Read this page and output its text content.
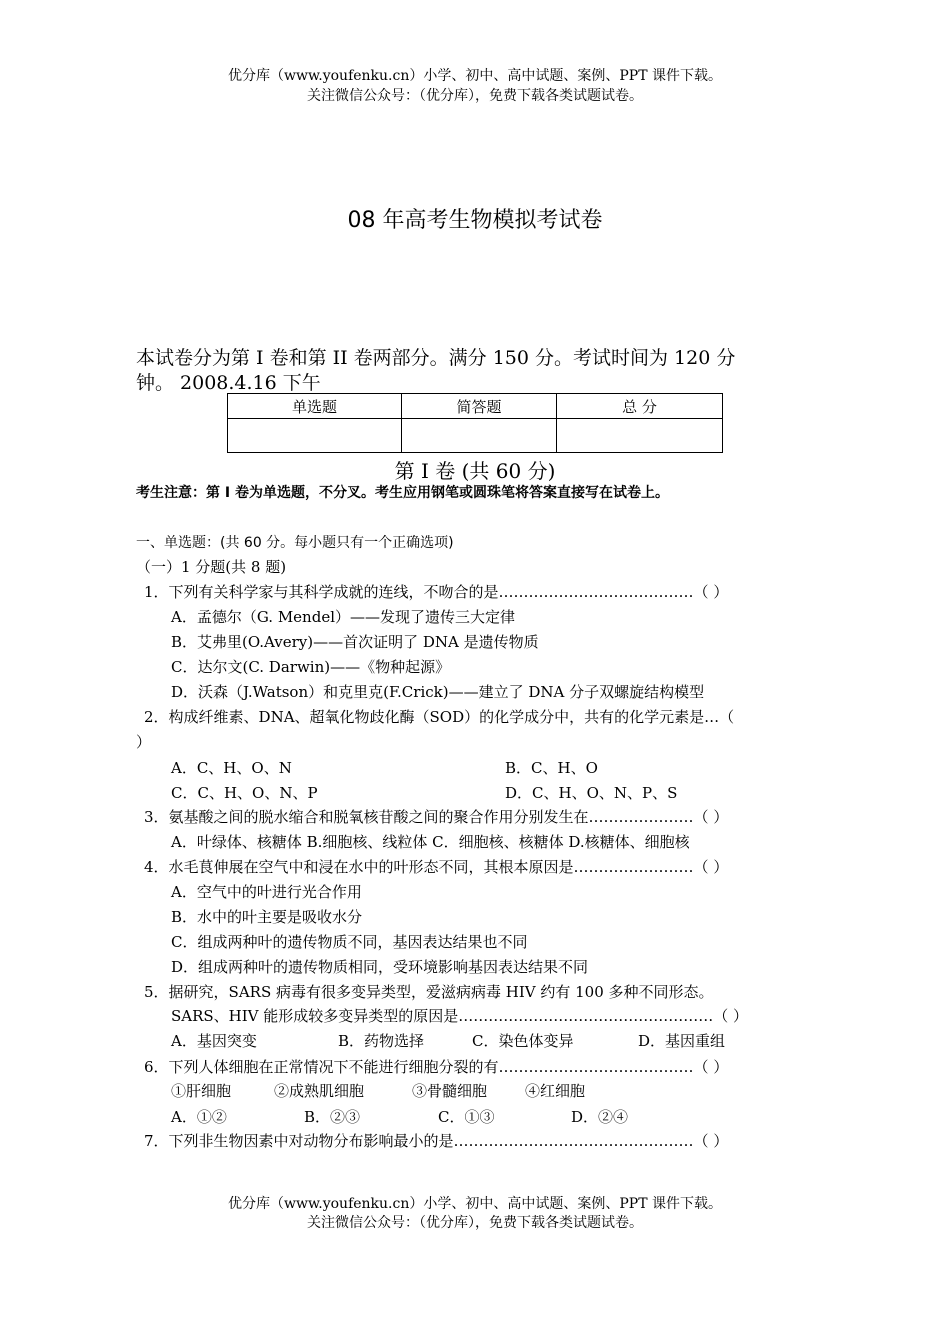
优分库（www.youfenku.cn）小学、初中、高中试题、案例、PPT 课件下载。
关注微信公众号：（优分库），免费下载各类试题试卷。
08 年高考生物模拟考试卷
本试卷分为第 I 卷和第 II 卷两部分。满分 150 分。考试时间为 120 分
钟。 2008.4.16 下午
单选题	简答题	总 分

第 I 卷 (共 60 分)
考生注意：第 I 卷为单选题，不分叉。考生应用钢笔或圆珠笔将答案直接写在试卷上。
一、单选题：(共 60 分。每小题只有一个正确选项)
（一）1 分题(共 8 题)
1．下列有关科学家与其科学成就的连线，不吻合的是…………………………………（ ）
A．孟德尔（G. Mendel）——发现了遗传三大定律
B．艾弗里(O.Avery)——首次证明了 DNA 是遗传物质
C．达尔文(C. Darwin)——《物种起源》
D．沃森（J.Watson）和克里克(F.Crick)——建立了 DNA 分子双螺旋结构模型
2．构成纤维素、DNA、超氧化物歧化酶（SOD）的化学成分中，共有的化学元素是…（
）
A．C、H、O、N	B．C、H、O
C．C、H、O、N、P	D．C、H、O、N、P、S
3．氨基酸之间的脱水缩合和脱氧核苷酸之间的聚合作用分别发生在…………………（ ）
A．叶绿体、核糖体 B.细胞核、线粒体 C．细胞核、核糖体 D.核糖体、细胞核
4．水毛茛伸展在空气中和浸在水中的叶形态不同，其根本原因是……………………（ ）
A．空气中的叶进行光合作用
B．水中的叶主要是吸收水分
C．组成两种叶的遗传物质不同，基因表达结果也不同
D．组成两种叶的遗传物质相同，受环境影响基因表达结果不同
5．据研究，SARS 病毒有很多变异类型，爱滋病病毒 HIV 约有 100 多种不同形态。
SARS、HIV 能形成较多变异类型的原因是……………………………………………（ ）
A．基因突变	B．药物选择	C．染色体变异	D．基因重组
6．下列人体细胞在正常情况下不能进行细胞分裂的有…………………………………（ ）
①肝细胞	②成熟肌细胞	③骨髓细胞	④红细胞
A．①②	B．②③	C．①③	D．②④
7．下列非生物因素中对动物分布影响最小的是…………………………………………（ ）
优分库（www.youfenku.cn）小学、初中、高中试题、案例、PPT 课件下载。
关注微信公众号：（优分库），免费下载各类试题试卷。
